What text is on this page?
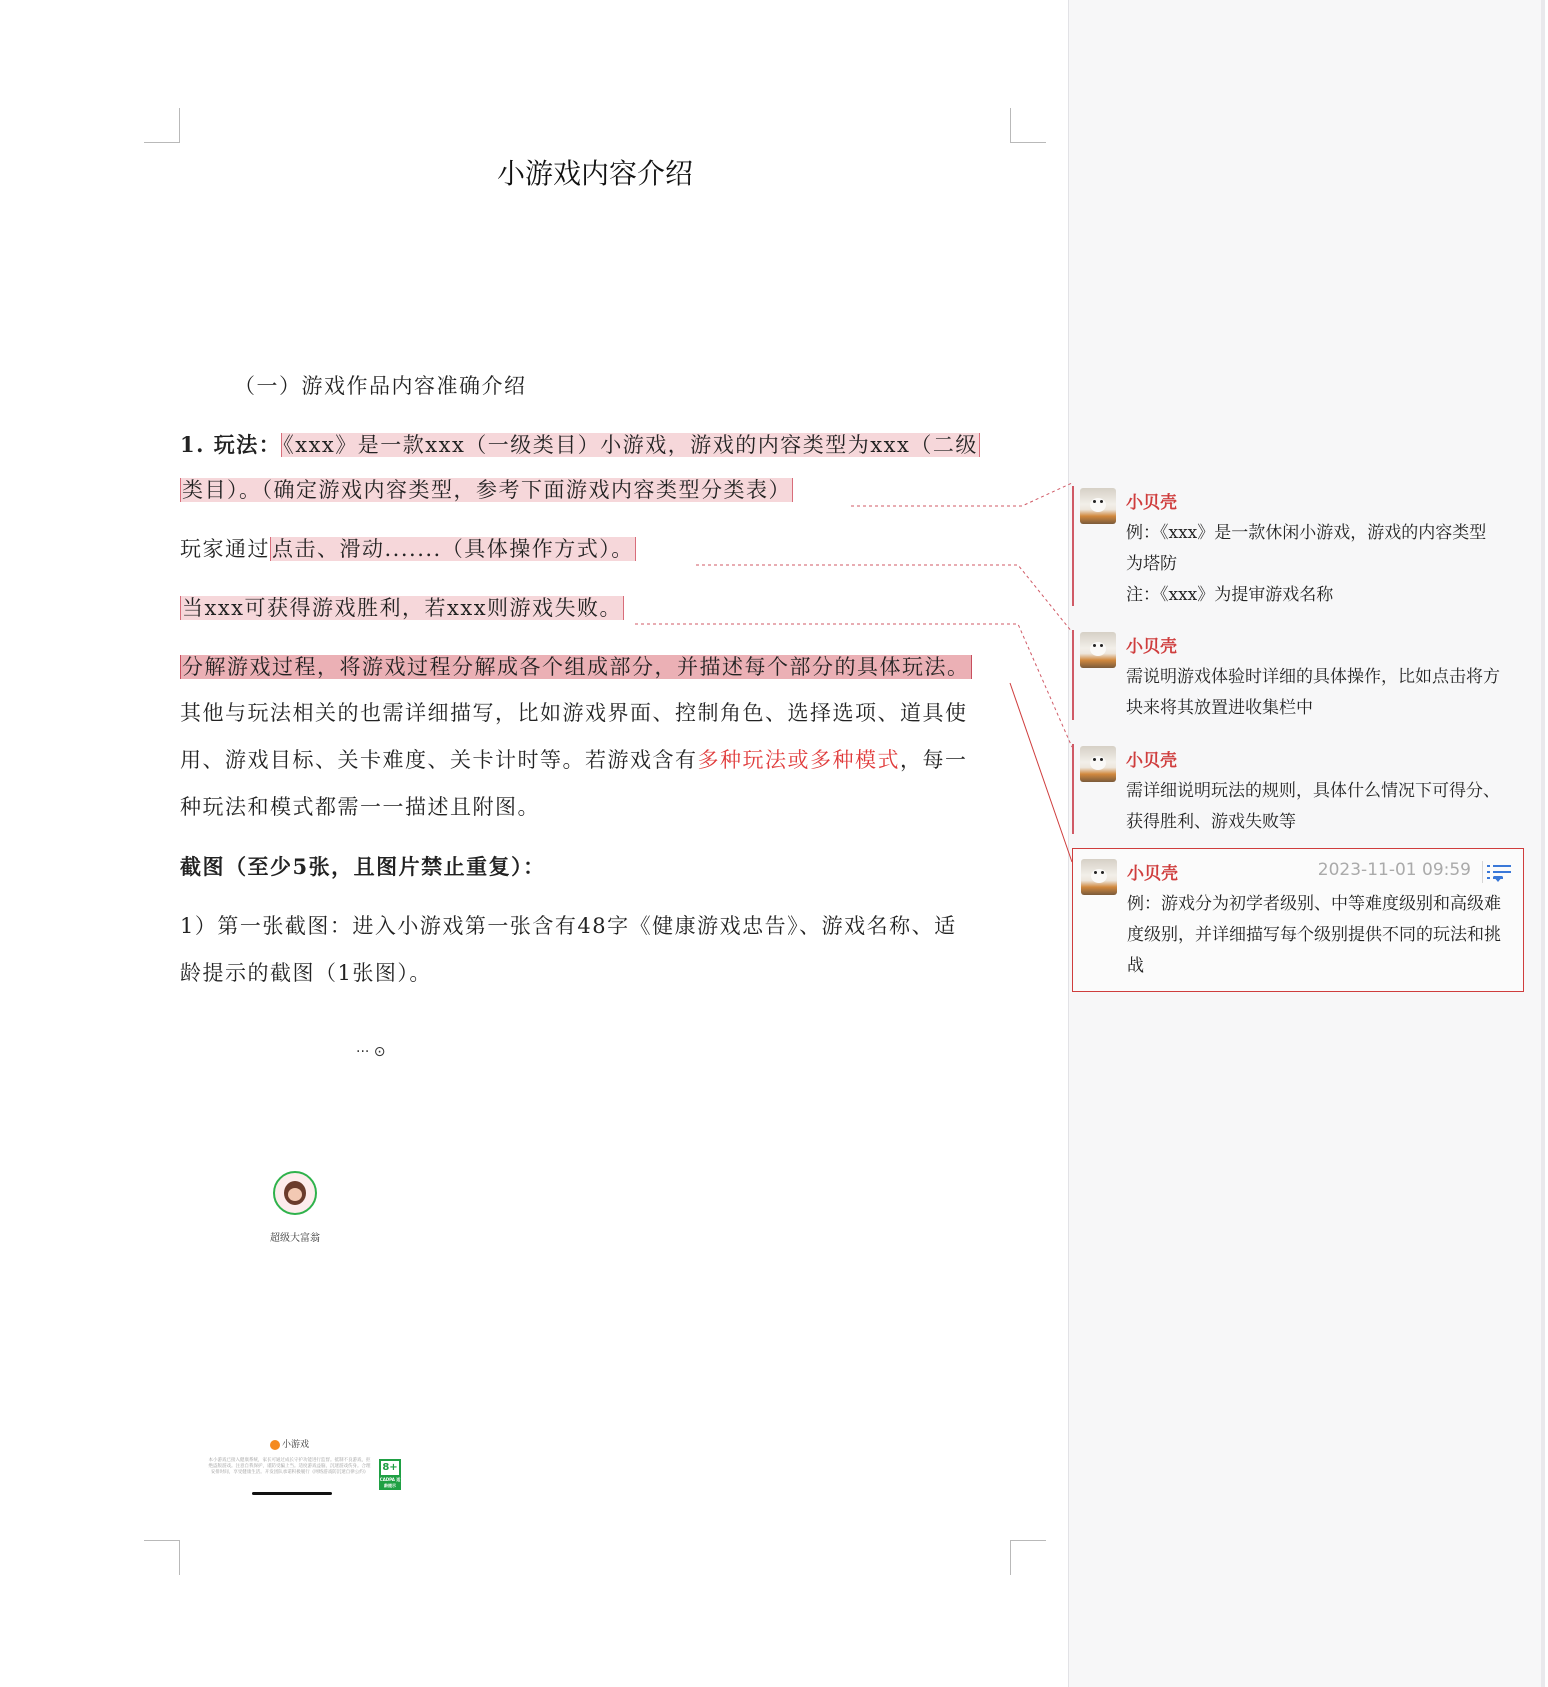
小游戏内容介绍
（一）游戏作品内容准确介绍
1. 玩法：《xxx》是一款xxx（一级类目）小游戏，游戏的内容类型为xxx（二级
类目）。（确定游戏内容类型，参考下面游戏内容类型分类表）
玩家通过点击、滑动.......（具体操作方式）。
当xxx可获得游戏胜利，若xxx则游戏失败。
分解游戏过程，将游戏过程分解成各个组成部分，并描述每个部分的具体玩法。
其他与玩法相关的也需详细描写，比如游戏界面、控制角色、选择选项、道具使
用、游戏目标、关卡难度、关卡计时等。若游戏含有多种玩法或多种模式，每一
种玩法和模式都需一一描述且附图。
截图（至少5张，且图片禁止重复）：
1）第一张截图：进入小游戏第一张含有48字《健康游戏忠告》、游戏名称、适
龄提示的截图（1张图）。
··· ⊙
超级大富翁
小游戏
本小游戏已接入健康系统，家长可通过成长守护功能进行监督。抵制不良游戏，拒绝盗版游戏。注意自我保护，谨防受骗上当。适度游戏益脑，沉迷游戏伤身。合理安排时间，享受健康生活。开发团队承诺积极履行《网络游戏防沉迷自律公约》	8+
CADPA 适龄提示
小贝壳
例：《xxx》是一款休闲小游戏，游戏的内容类型
为塔防
注：《xxx》为提审游戏名称
小贝壳
需说明游戏体验时详细的具体操作，比如点击将方
块来将其放置进收集栏中
小贝壳
需详细说明玩法的规则，具体什么情况下可得分、
获得胜利、游戏失败等
小贝壳	2023-11-01 09:59
例：游戏分为初学者级别、中等难度级别和高级难
度级别，并详细描写每个级别提供不同的玩法和挑
战
